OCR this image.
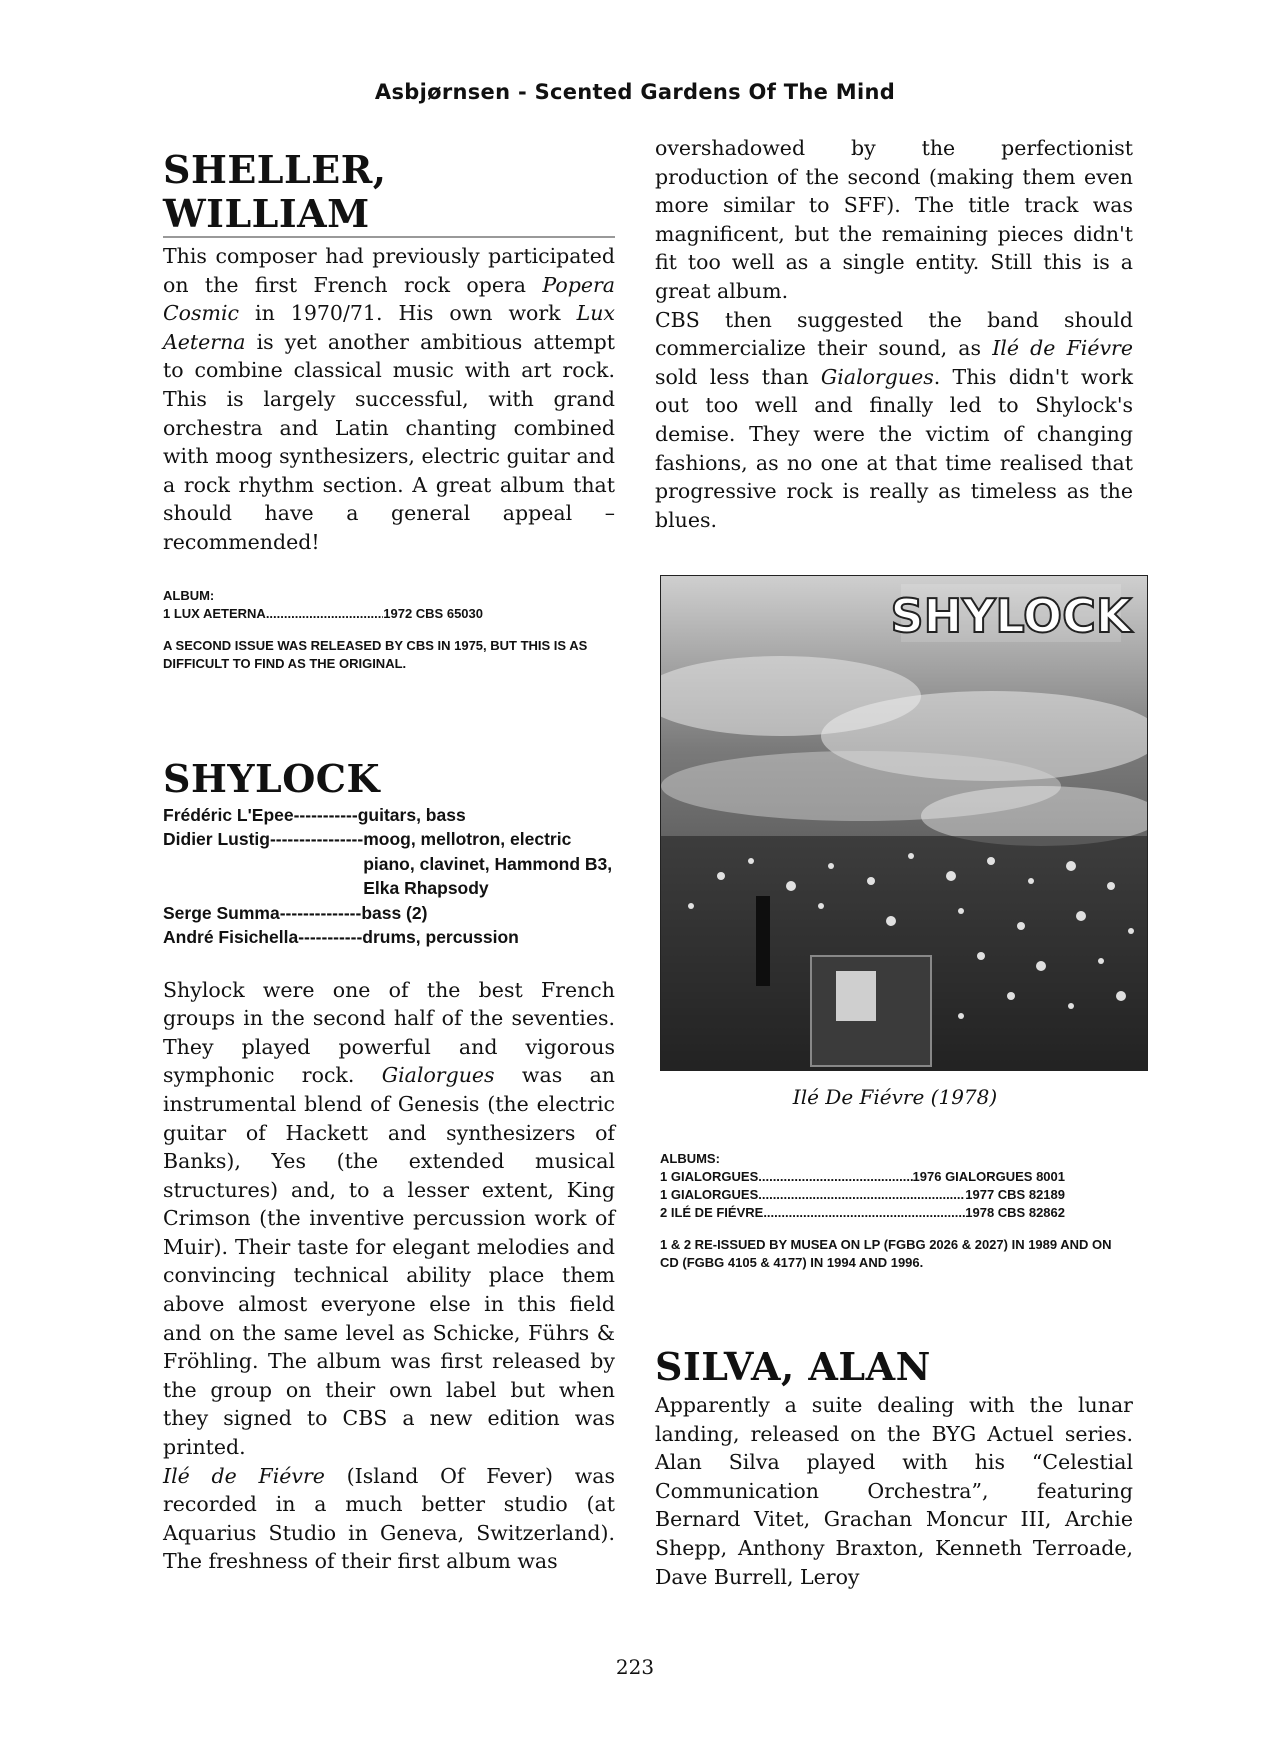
Asbjørnsen - Scented Gardens Of The Mind
SHELLER, WILLIAM

This composer had previously participated on the first French rock opera Popera Cosmic in 1970/71. His own work Lux Aeterna is yet another ambitious attempt to combine classical music with art rock. This is largely successful, with grand orchestra and Latin chanting combined with moog synthesizers, electric guitar and a rock rhythm section. A great album that should have a general appeal – recommended!

ALBUM:
1 LUX AETERNA .....	1972 CBS 65030
A SECOND ISSUE WAS RELEASED BY CBS IN 1975, BUT THIS IS AS DIFFICULT TO FIND AS THE ORIGINAL.
SHYLOCK
Frédéric L'Epee ----------- guitars, bass
Didier Lustig ---------------- moog, mellotron, electric piano, clavinet, Hammond B3, Elka Rhapsody
Serge Summa -------------- bass (2)
André Fisichella ----------- drums, percussion

Shylock were one of the best French groups in the second half of the seventies. They played powerful and vigorous symphonic rock. Gialorgues was an instrumental blend of Genesis (the electric guitar of Hackett and synthesizers of Banks), Yes (the extended musical structures) and, to a lesser extent, King Crimson (the inventive percussion work of Muir). Their taste for elegant melodies and convincing technical ability place them above almost everyone else in this field and on the same level as Schicke, Führs & Fröhling. The album was first released by the group on their own label but when they signed to CBS a new edition was printed.

Ilé de Fiévre (Island Of Fever) was recorded in a much better studio (at Aquarius Studio in Geneva, Switzerland). The freshness of their first album was

overshadowed by the perfectionist production of the second (making them even more similar to SFF). The title track was magnificent, but the remaining pieces didn't fit too well as a single entity. Still this is a great album.

CBS then suggested the band should commercialize their sound, as Ilé de Fiévre sold less than Gialorgues. This didn't work out too well and finally led to Shylock's demise. They were the victim of changing fashions, as no one at that time realised that progressive rock is really as timeless as the blues.

SHYLOCK
Ilé De Fiévre (1978)
ALBUMS:
1 GIALORGUES .....	1976 GIALORGUES 8001
1 GIALORGUES .....	1977 CBS 82189
2 ILÉ DE FIÉVRE .....	1978 CBS 82862
1 & 2 RE-ISSUED BY MUSEA ON LP (FGBG 2026 & 2027) IN 1989 AND ON CD (FGBG 4105 & 4177) IN 1994 AND 1996.
SILVA, ALAN
Apparently a suite dealing with the lunar landing, released on the BYG Actuel series. Alan Silva played with his “Celestial Communication Orchestra”, featuring Bernard Vitet, Grachan Moncur III, Archie Shepp, Anthony Braxton, Kenneth Terroade, Dave Burrell, Leroy
223
